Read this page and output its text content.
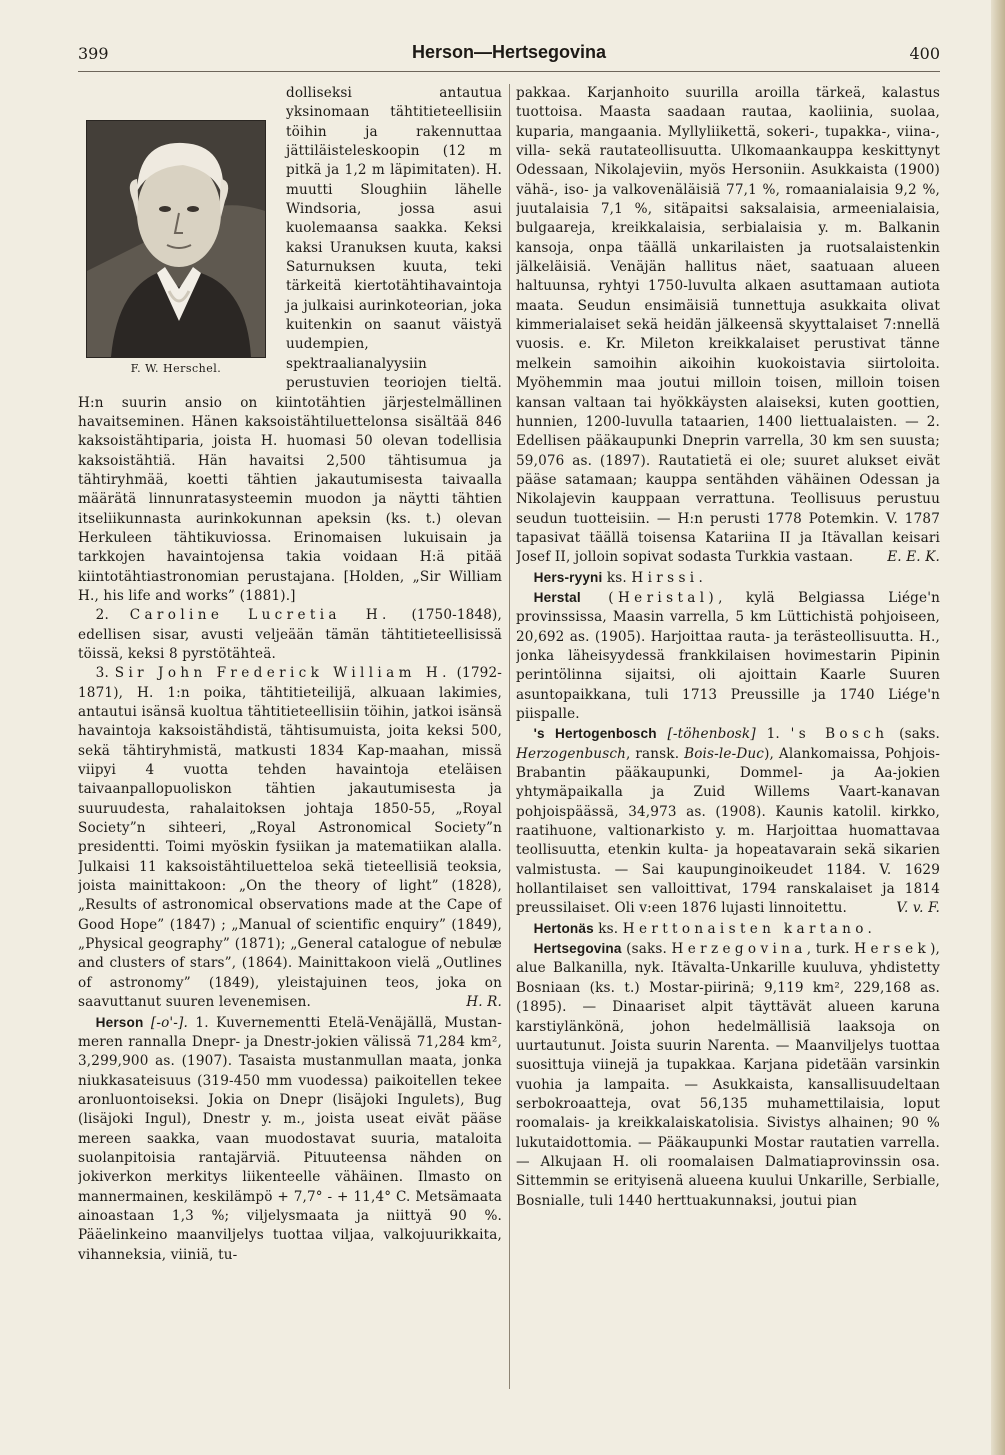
399	Herson—Hertsegovina	400
F. W. Herschel.

dolliseksi antautua yksinomaan tähtitieteellisiin töihin ja rakennuttaa jättiläisteleskoopin (12 m pitkä ja 1,2 m läpimitaten). H. muutti Sloughiin lähelle Windsoria, jossa asui kuolemaansa saakka. Keksi kaksi Uranuksen kuuta, kaksi Saturnuksen kuuta, teki tärkeitä kiertotähtihavaintoja ja julkaisi aurinkoteorian, joka kuitenkin on saanut väistyä uudempien, spektraalianalyysiin perustuvien teoriojen tieltä. H:n suurin ansio on kiintotähtien järjestelmällinen havaitseminen. Hänen kaksoistähtiluettelonsa sisältää 846 kaksoistähtiparia, joista H. huomasi 50 olevan todellisia kaksoistähtiä. Hän havaitsi 2,500 tähtisumua ja tähtiryhmää, koetti tähtien jakautumisesta taivaalla määrätä linnunratasysteemin muodon ja näytti tähtien itseliikunnasta aurinkokunnan apeksin (ks. t.) olevan Herkuleen tähtikuviossa. Erinomaisen lukuisain ja tarkkojen havaintojensa takia voidaan H:ä pitää kiintotähtiastronomian perustajana. [Holden, „Sir William H., his life and works” (1881).]

2. Caroline Lucretia H. (1750-1848), edellisen sisar, avusti veljeään tämän tähtitieteellisissä töissä, keksi 8 pyrstötähteä.

3. Sir John Frederick William H. (1792-1871), H. 1:n poika, tähtitieteilijä, alkuaan lakimies, antautui isänsä kuoltua tähtitieteellisiin töihin, jatkoi isänsä havaintoja kaksoistähdistä, tähtisumuista, joita keksi 500, sekä tähtiryhmistä, matkusti 1834 Kap-maahan, missä viipyi 4 vuotta tehden havaintoja eteläisen taivaanpallopuoliskon tähtien jakautumisesta ja suuruudesta, rahalaitoksen johtaja 1850-55, „Royal Society”n sihteeri, „Royal Astronomical Society”n presidentti. Toimi myöskin fysiikan ja matematiikan alalla. Julkaisi 11 kaksoistähtiluetteloa sekä tieteellisiä teoksia, joista mainittakoon: „On the theory of light” (1828), „Results of astronomical observations made at the Cape of Good Hope” (1847) ; „Manual of scientific enquiry” (1849), „Physical geography” (1871); „General catalogue of nebulæ and clusters of stars”, (1864). Mainittakoon vielä „Outlines of astronomy” (1849), yleistajuinen teos, joka on saavuttanut suuren levenemisen.	H. R.

Herson [-o'-]. 1. Kuvernementti Etelä-Venäjällä, Mustan-meren rannalla Dnepr- ja Dnestr-jokien välissä 71,284 km², 3,299,900 as. (1907). Tasaista mustanmullan maata, jonka niukkasateisuus (319-450 mm vuodessa) paikoitellen tekee aronluontoiseksi. Jokia on Dnepr (lisäjoki Ingulets), Bug (lisäjoki Ingul), Dnestr y. m., joista useat eivät pääse mereen saakka, vaan muodostavat suuria, mataloita suolanpitoisia rantajärviä. Pituuteensa nähden on jokiverkon merkitys liikenteelle vähäinen. Ilmasto on mannermainen, keskilämpö + 7,7° - + 11,4° C. Metsämaata ainoastaan 1,3 %; viljelysmaata ja niittyä 90 %. Pääelinkeino maanviljelys tuottaa viljaa, valkojuurikkaita, vihanneksia, viiniä, tu-

pakkaa. Karjanhoito suurilla aroilla tärkeä, kalastus tuottoisa. Maasta saadaan rautaa, kaoliinia, suolaa, kuparia, mangaania. Myllyliikettä, sokeri-, tupakka-, viina-, villa- sekä rautateollisuutta. Ulkomaankauppa keskittynyt Odessaan, Nikolajeviin, myös Hersoniin. Asukkaista (1900) vähä-, iso- ja valkovenäläisiä 77,1 %, romaanialaisia 9,2 %, juutalaisia 7,1 %, sitäpaitsi saksalaisia, armeenialaisia, bulgaareja, kreikkalaisia, serbialaisia y. m. Balkanin kansoja, onpa täällä unkarilaisten ja ruotsalaistenkin jälkeläisiä. Venäjän hallitus näet, saatuaan alueen haltuunsa, ryhtyi 1750-luvulta alkaen asuttamaan autiota maata. Seudun ensimäisiä tunnettuja asukkaita olivat kimmerialaiset sekä heidän jälkeensä skyyttalaiset 7:nnellä vuosis. e. Kr. Mileton kreikkalaiset perustivat tänne melkein samoihin aikoihin kuokoistavia siirtoloita. Myöhemmin maa joutui milloin toisen, milloin toisen kansan valtaan tai hyökkäysten alaiseksi, kuten goottien, hunnien, 1200-luvulla tataarien, 1400 liettualaisten. — 2. Edellisen pääkaupunki Dneprin varrella, 30 km sen suusta; 59,076 as. (1897). Rautatietä ei ole; suuret alukset eivät pääse satamaan; kauppa sentähden vähäinen Odessan ja Nikolajevin kauppaan verrattuna. Teollisuus perustuu seudun tuotteisiin. — H:n perusti 1778 Potemkin. V. 1787 tapasivat täällä toisensa Katariina II ja Itävallan keisari Josef II, jolloin sopivat sodasta Turkkia vastaan. E. E. K.

Hers-ryyni ks. Hirssi.

Herstal (Heristal), kylä Belgiassa Liége'n provinssissa, Maasin varrella, 5 km Lüttichistä pohjoiseen, 20,692 as. (1905). Harjoittaa rauta- ja terästeollisuutta. H., jonka läheisyydessä frankkilaisen hovimestarin Pipinin perintölinna sijaitsi, oli ajoittain Kaarle Suuren asuntopaikkana, tuli 1713 Preussille ja 1740 Liége'n piispalle.

's Hertogenbosch [-töhenbosk] 1. 's Bosch (saks. Herzogenbusch, ransk. Bois-le-Duc), Alankomaissa, Pohjois-Brabantin pääkaupunki, Dommel- ja Aa-jokien yhtymäpaikalla ja Zuid Willems Vaart-kanavan pohjoispäässä, 34,973 as. (1908). Kaunis katolil. kirkko, raatihuone, valtionarkisto y. m. Harjoittaa huomattavaa teollisuutta, etenkin kulta- ja hopeatavarain sekä sikarien valmistusta. — Sai kaupunginoikeudet 1184. V. 1629 hollantilaiset sen valloittivat, 1794 ranskalaiset ja 1814 preussilaiset. Oli v:een 1876 lujasti linnoitettu.	V. v. F.

Hertonäs ks. Herttonaisten kartano.

Hertsegovina (saks. Herzegovina, turk. Hersek), alue Balkanilla, nyk. Itävalta-Unkarille kuuluva, yhdistetty Bosniaan (ks. t.) Mostar-piirinä; 9,119 km², 229,168 as. (1895). — Dinaariset alpit täyttävät alueen karuna karstiylänkönä, johon hedelmällisiä laaksoja on uurtautunut. Joista suurin Narenta. — Maanviljelys tuottaa suosittuja viinejä ja tupakkaa. Karjana pidetään varsinkin vuohia ja lampaita. — Asukkaista, kansallisuudeltaan serbokroaatteja, ovat 56,135 muhamettilaisia, loput roomalais- ja kreikkalaiskatolisia. Sivistys alhainen; 90 % lukutaidottomia. — Pääkaupunki Mostar rautatien varrella. — Alkujaan H. oli roomalaisen Dalmatiaprovinssin osa. Sittemmin se erityisenä alueena kuului Unkarille, Serbialle, Bosnialle, tuli 1440 herttuakunnaksi, joutui pian
